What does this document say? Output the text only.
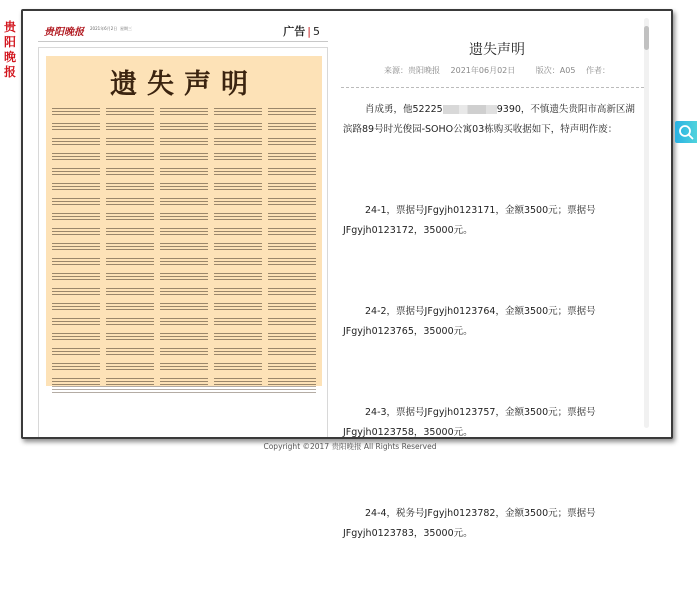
贵阳晚报
贵阳晚报 2021年6月2日 星期三	广告 | 5
遗失声明
遗失声明
来源：贵阳晚报 2021年06月02日	版次：A05 作者：

肖成勇，他52225	9390，不慎遗失贵阳市高新区湖滨路89号时光俊园-SOHO公寓03栋购买收据如下，特声明作废：

24-1，票据号JFgyjh0123171，金额3500元；票据号JFgyjh0123172，35000元。

24-2，票据号JFgyjh0123764，金额3500元；票据号JFgyjh0123765，35000元。

24-3，票据号JFgyjh0123757，金额3500元；票据号JFgyjh0123758，35000元。

24-4，税务号JFgyjh0123782，金额3500元；票据号JFgyjh0123783，35000元。

Copyright ©2017 贵阳晚报 All Rights Reserved
